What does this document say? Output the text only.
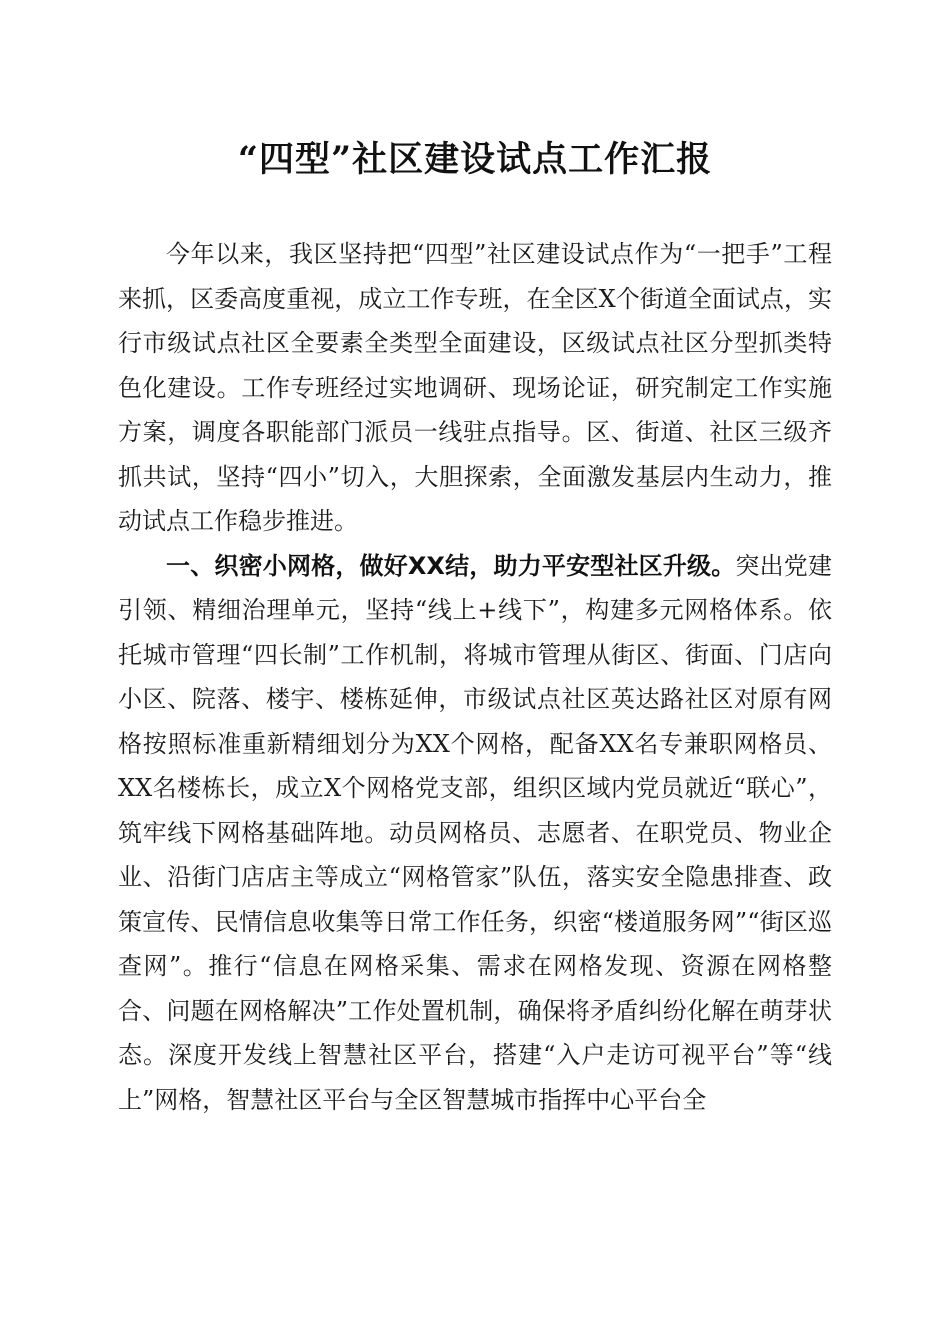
“四型”社区建设试点工作汇报

今年以来，我区坚持把“四型”社区建设试点作为“一把手”工程来抓，区委高度重视，成立工作专班，在全区X个街道全面试点，实行市级试点社区全要素全类型全面建设，区级试点社区分型抓类特色化建设。工作专班经过实地调研、现场论证，研究制定工作实施方案，调度各职能部门派员一线驻点指导。区、街道、社区三级齐抓共试，坚持“四小”切入，大胆探索，全面激发基层内生动力，推动试点工作稳步推进。

一、织密小网格，做好XX结，助力平安型社区升级。突出党建引领、精细治理单元，坚持“线上+线下”，构建多元网格体系。依托城市管理“四长制”工作机制，将城市管理从街区、街面、门店向小区、院落、楼宇、楼栋延伸，市级试点社区英达路社区对原有网格按照标准重新精细划分为XX个网格，配备XX名专兼职网格员、XX名楼栋长，成立X个网格党支部，组织区域内党员就近“联心”，筑牢线下网格基础阵地。动员网格员、志愿者、在职党员、物业企业、沿街门店店主等成立“网格管家”队伍，落实安全隐患排查、政策宣传、民情信息收集等日常工作任务，织密“楼道服务网”“街区巡查网”。推行“信息在网格采集、需求在网格发现、资源在网格整合、问题在网格解决”工作处置机制，确保将矛盾纠纷化解在萌芽状态。深度开发线上智慧社区平台，搭建“入户走访可视平台”等“线上”网格，智慧社区平台与全区智慧城市指挥中心平台全
